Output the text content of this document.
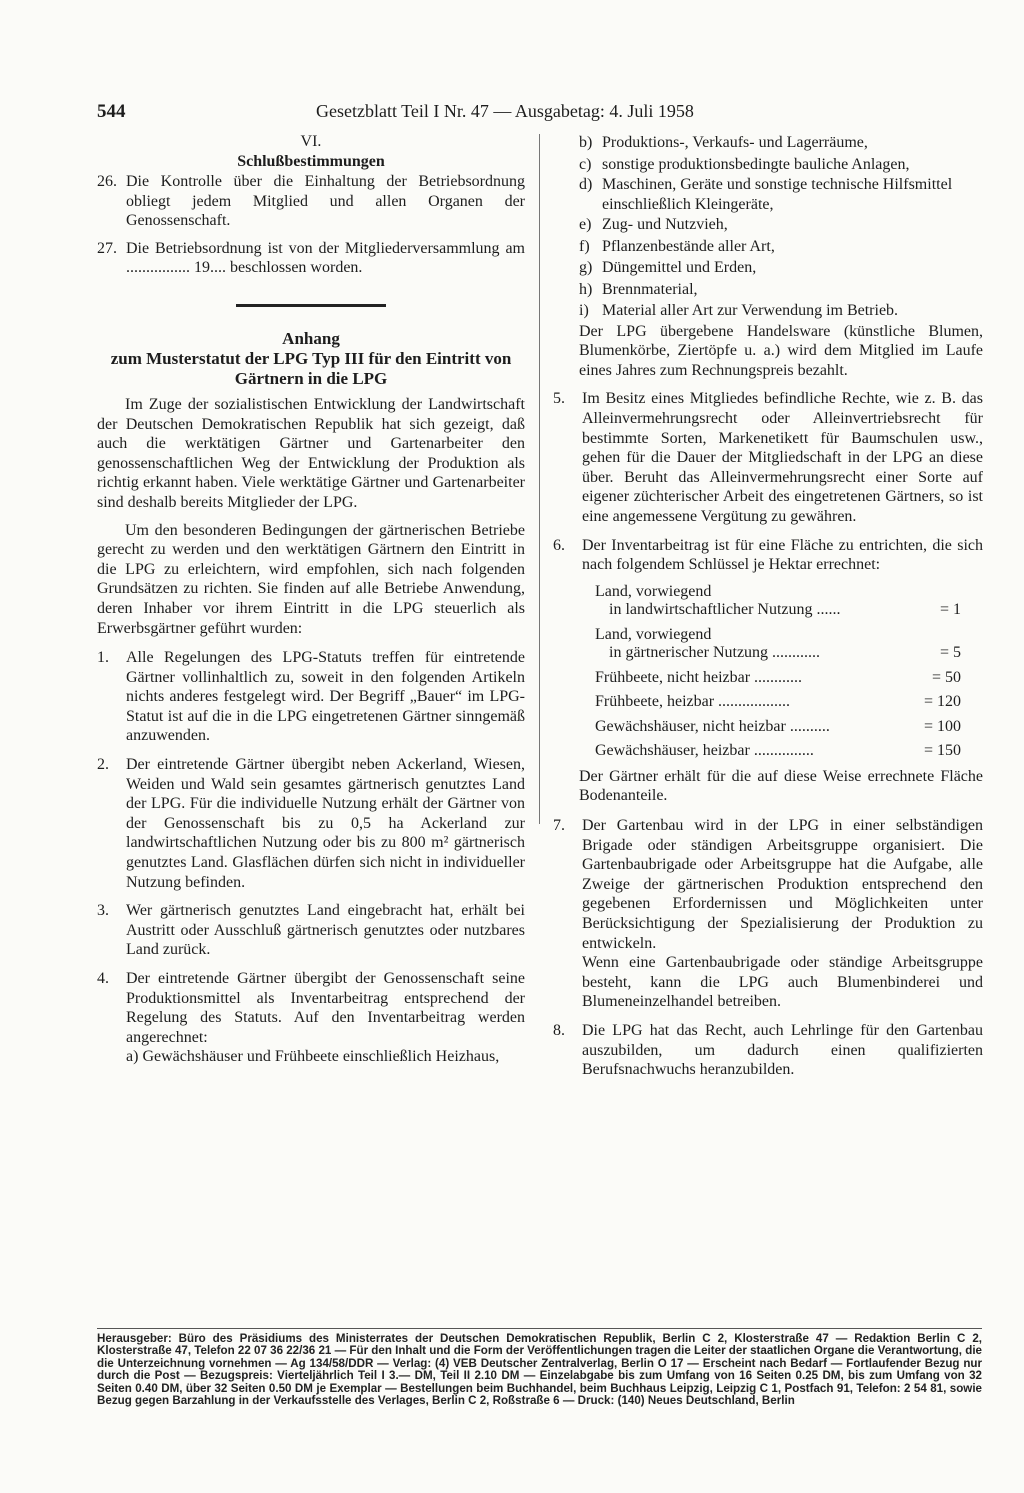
544	Gesetzblatt Teil I Nr. 47 — Ausgabetag: 4. Juli 1958
VI.
Schlußbestimmungen
26. Die Kontrolle über die Einhaltung der Betriebsordnung obliegt jedem Mitglied und allen Organen der Genossenschaft.
27. Die Betriebsordnung ist von der Mitgliederversammlung am ................ 19.... beschlossen worden.
Anhang
zum Musterstatut der LPG Typ III für den Eintritt von Gärtnern in die LPG

Im Zuge der sozialistischen Entwicklung der Landwirtschaft der Deutschen Demokratischen Republik hat sich gezeigt, daß auch die werktätigen Gärtner und Gartenarbeiter den genossenschaftlichen Weg der Entwicklung der Produktion als richtig erkannt haben. Viele werktätige Gärtner und Gartenarbeiter sind deshalb bereits Mitglieder der LPG.

Um den besonderen Bedingungen der gärtnerischen Betriebe gerecht zu werden und den werktätigen Gärtnern den Eintritt in die LPG zu erleichtern, wird empfohlen, sich nach folgenden Grundsätzen zu richten. Sie finden auf alle Betriebe Anwendung, deren Inhaber vor ihrem Eintritt in die LPG steuerlich als Erwerbsgärtner geführt wurden:

1. Alle Regelungen des LPG-Statuts treffen für eintretende Gärtner vollinhaltlich zu, soweit in den folgenden Artikeln nichts anderes festgelegt wird. Der Begriff „Bauer“ im LPG-Statut ist auf die in die LPG eingetretenen Gärtner sinngemäß anzuwenden.
2. Der eintretende Gärtner übergibt neben Ackerland, Wiesen, Weiden und Wald sein gesamtes gärtnerisch genutztes Land der LPG. Für die individuelle Nutzung erhält der Gärtner von der Genossenschaft bis zu 0,5 ha Ackerland zur landwirtschaftlichen Nutzung oder bis zu 800 m² gärtnerisch genutztes Land. Glasflächen dürfen sich nicht in individueller Nutzung befinden.
3. Wer gärtnerisch genutztes Land eingebracht hat, erhält bei Austritt oder Ausschluß gärtnerisch genutztes oder nutzbares Land zurück.
4. Der eintretende Gärtner übergibt der Genossenschaft seine Produktionsmittel als Inventarbeitrag entsprechend der Regelung des Statuts. Auf den Inventarbeitrag werden angerechnet:
a) Gewächshäuser und Frühbeete einschließlich Heizhaus,
b) Produktions-, Verkaufs- und Lagerräume,
c) sonstige produktionsbedingte bauliche Anlagen,
d) Maschinen, Geräte und sonstige technische Hilfsmittel einschließlich Kleingeräte,
e) Zug- und Nutzvieh,
f) Pflanzenbestände aller Art,
g) Düngemittel und Erden,
h) Brennmaterial,
i) Material aller Art zur Verwendung im Betrieb.

Der LPG übergebene Handelsware (künstliche Blumen, Blumenkörbe, Ziertöpfe u. a.) wird dem Mitglied im Laufe eines Jahres zum Rechnungspreis bezahlt.

5. Im Besitz eines Mitgliedes befindliche Rechte, wie z. B. das Alleinvermehrungsrecht oder Alleinvertriebsrecht für bestimmte Sorten, Markenetikett für Baumschulen usw., gehen für die Dauer der Mitgliedschaft in der LPG an diese über. Beruht das Alleinvermehrungsrecht einer Sorte auf eigener züchterischer Arbeit des eingetretenen Gärtners, so ist eine angemessene Vergütung zu gewähren.
6. Der Inventarbeitrag ist für eine Fläche zu entrichten, die sich nach folgendem Schlüssel je Hektar errechnet:
Land, vorwiegend
in landwirtschaftlicher Nutzung ......	= 1
Land, vorwiegend
in gärtnerischer Nutzung ............	= 5
Frühbeete, nicht heizbar ............	= 50
Frühbeete, heizbar ..................	= 120
Gewächshäuser, nicht heizbar ..........	= 100
Gewächshäuser, heizbar ...............	= 150

Der Gärtner erhält für die auf diese Weise errechnete Fläche Bodenanteile.

7. Der Gartenbau wird in der LPG in einer selbständigen Brigade oder ständigen Arbeitsgruppe organisiert. Die Gartenbaubrigade oder Arbeitsgruppe hat die Aufgabe, alle Zweige der gärtnerischen Produktion entsprechend den gegebenen Erfordernissen und Möglichkeiten unter Berücksichtigung der Spezialisierung der Produktion zu entwickeln.

Wenn eine Gartenbaubrigade oder ständige Arbeitsgruppe besteht, kann die LPG auch Blumenbinderei und Blumeneinzelhandel betreiben.

8. Die LPG hat das Recht, auch Lehrlinge für den Gartenbau auszubilden, um dadurch einen qualifizierten Berufsnachwuchs heranzubilden.
Herausgeber: Büro des Präsidiums des Ministerrates der Deutschen Demokratischen Republik, Berlin C 2, Klosterstraße 47 — Redaktion Berlin C 2, Klosterstraße 47, Telefon 22 07 36 22/36 21 — Für den Inhalt und die Form der Veröffentlichungen tragen die Leiter der staatlichen Organe die Verantwortung, die die Unterzeichnung vornehmen — Ag 134/58/DDR — Verlag: (4) VEB Deutscher Zentralverlag, Berlin O 17 — Erscheint nach Bedarf — Fortlaufender Bezug nur durch die Post — Bezugspreis: Vierteljährlich Teil I 3.— DM, Teil II 2.10 DM — Einzelabgabe bis zum Umfang von 16 Seiten 0.25 DM, bis zum Umfang von 32 Seiten 0.40 DM, über 32 Seiten 0.50 DM je Exemplar — Bestellungen beim Buchhandel, beim Buchhaus Leipzig, Leipzig C 1, Postfach 91, Telefon: 2 54 81, sowie Bezug gegen Barzahlung in der Verkaufsstelle des Verlages, Berlin C 2, Roßstraße 6 — Druck: (140) Neues Deutschland, Berlin
